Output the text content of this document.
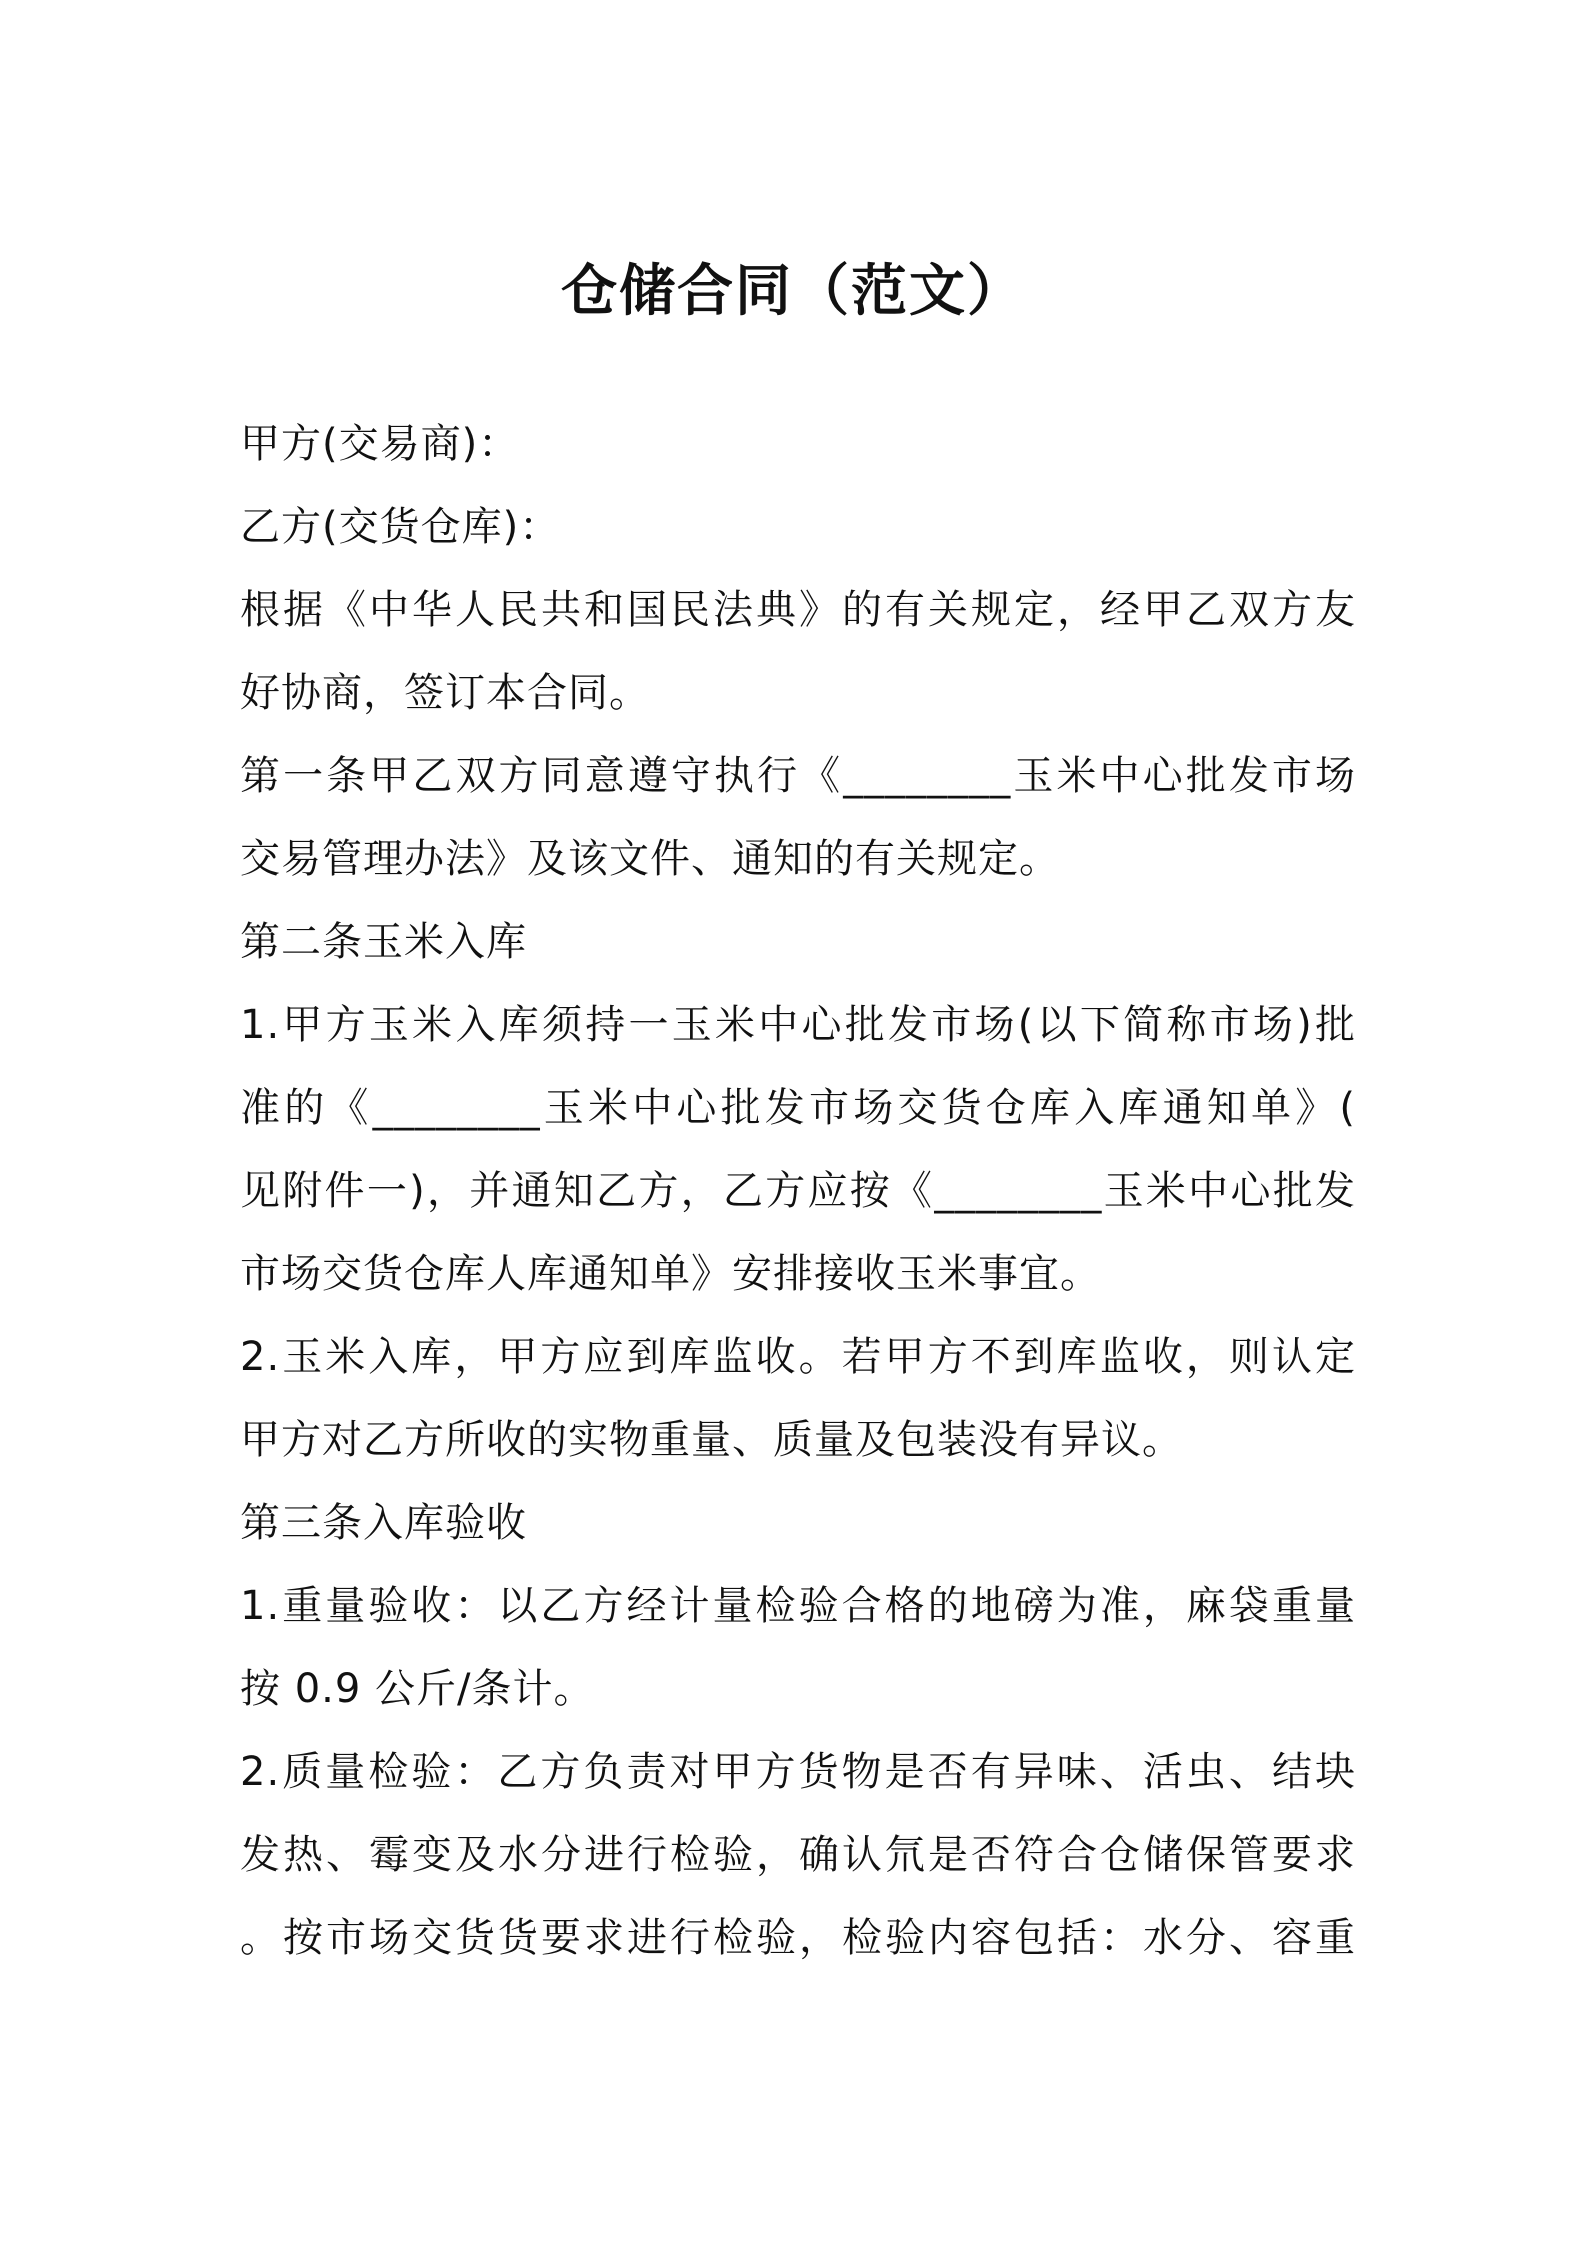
仓储合同（范文）
甲方(交易商)：
乙方(交货仓库)：
根据《中华人民共和国民法典》的有关规定，经甲乙双方友
好协商，签订本合同。
第一条甲乙双方同意遵守执行《________玉米中心批发市场
交易管理办法》及该文件、通知的有关规定。
第二条玉米入库
1.甲方玉米入库须持一玉米中心批发市场(以下简称市场)批
准的《________玉米中心批发市场交货仓库入库通知单》(
见附件一)，并通知乙方，乙方应按《________玉米中心批发
市场交货仓库人库通知单》安排接收玉米事宜。
2.玉米入库，甲方应到库监收。若甲方不到库监收，则认定
甲方对乙方所收的实物重量、质量及包装没有异议。
第三条入库验收
1.重量验收：以乙方经计量检验合格的地磅为准，麻袋重量
按 0.9 公斤/条计。
2.质量检验：乙方负责对甲方货物是否有异味、活虫、结块
发热、霉变及水分进行检验，确认氘是否符合仓储保管要求
。按市场交货货要求进行检验，检验内容包括：水分、容重
